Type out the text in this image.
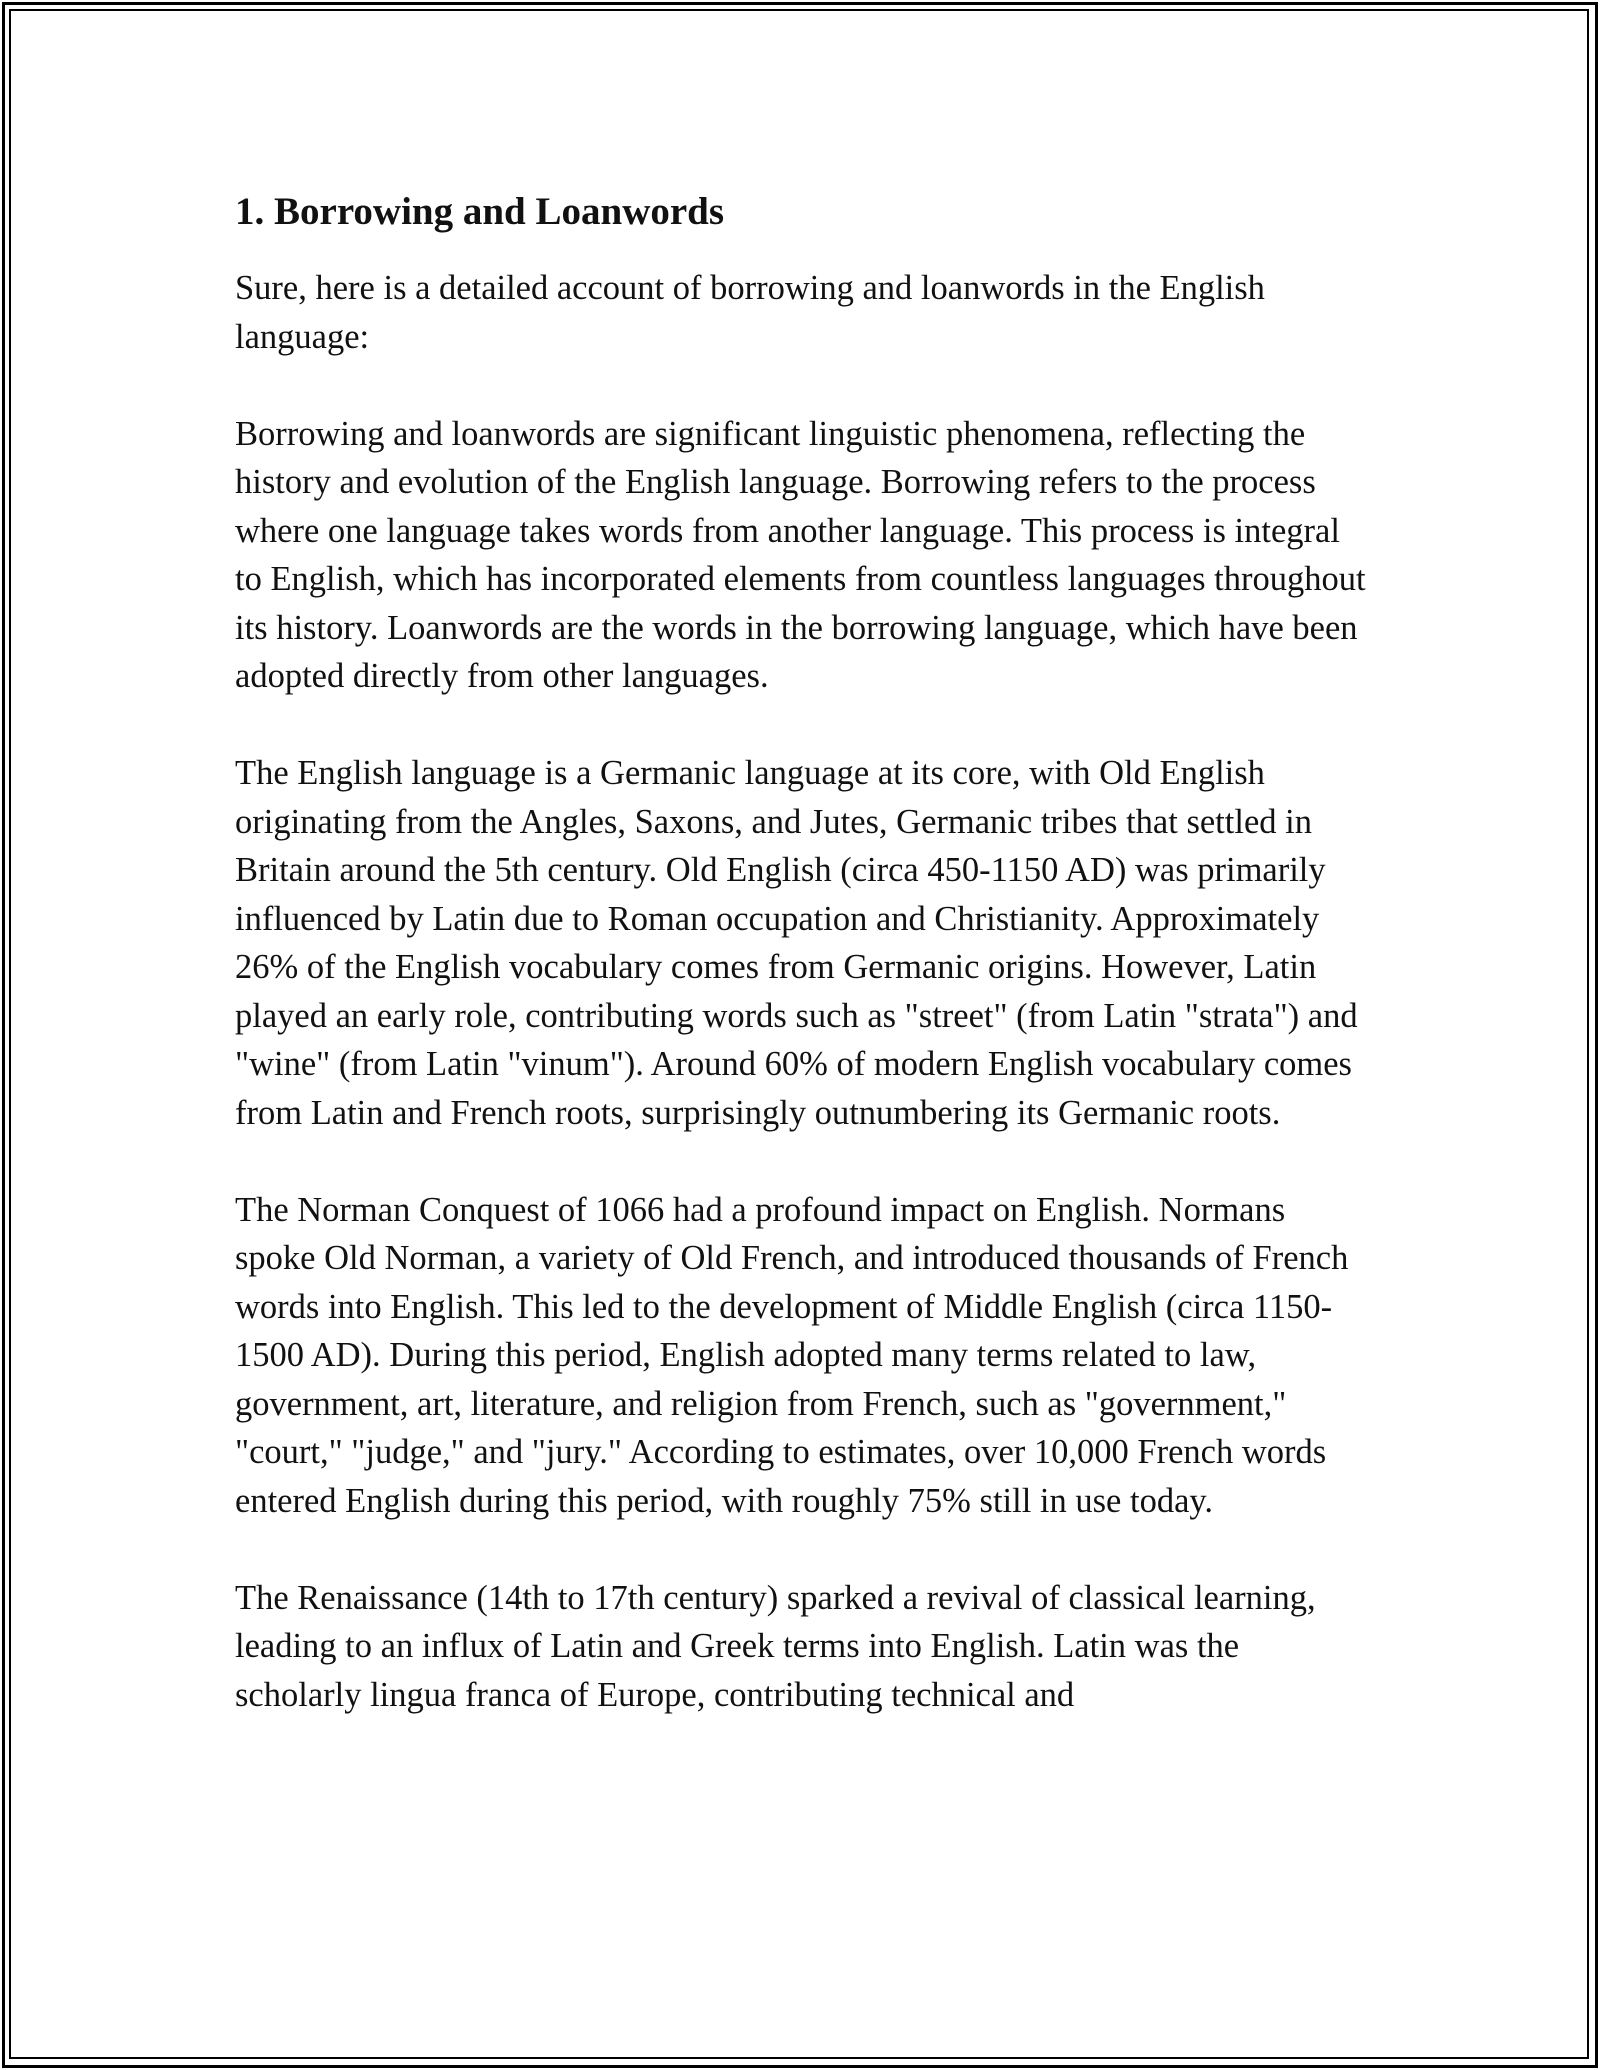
1. Borrowing and Loanwords

Sure, here is a detailed account of borrowing and loanwords in the English language:

Borrowing and loanwords are significant linguistic phenomena, reflecting the history and evolution of the English language. Borrowing refers to the process where one language takes words from another language. This process is integral to English, which has incorporated elements from countless languages throughout its history. Loanwords are the words in the borrowing language, which have been adopted directly from other languages.

The English language is a Germanic language at its core, with Old English originating from the Angles, Saxons, and Jutes, Germanic tribes that settled in Britain around the 5th century. Old English (circa 450-1150 AD) was primarily influenced by Latin due to Roman occupation and Christianity. Approximately 26% of the English vocabulary comes from Germanic origins. However, Latin played an early role, contributing words such as "street" (from Latin "strata") and "wine" (from Latin "vinum"). Around 60% of modern English vocabulary comes from Latin and French roots, surprisingly outnumbering its Germanic roots.

The Norman Conquest of 1066 had a profound impact on English. Normans spoke Old Norman, a variety of Old French, and introduced thousands of French words into English. This led to the development of Middle English (circa 1150-1500 AD). During this period, English adopted many terms related to law, government, art, literature, and religion from French, such as "government," "court," "judge," and "jury." According to estimates, over 10,000 French words entered English during this period, with roughly 75% still in use today.

The Renaissance (14th to 17th century) sparked a revival of classical learning, leading to an influx of Latin and Greek terms into English. Latin was the scholarly lingua franca of Europe, contributing technical and
